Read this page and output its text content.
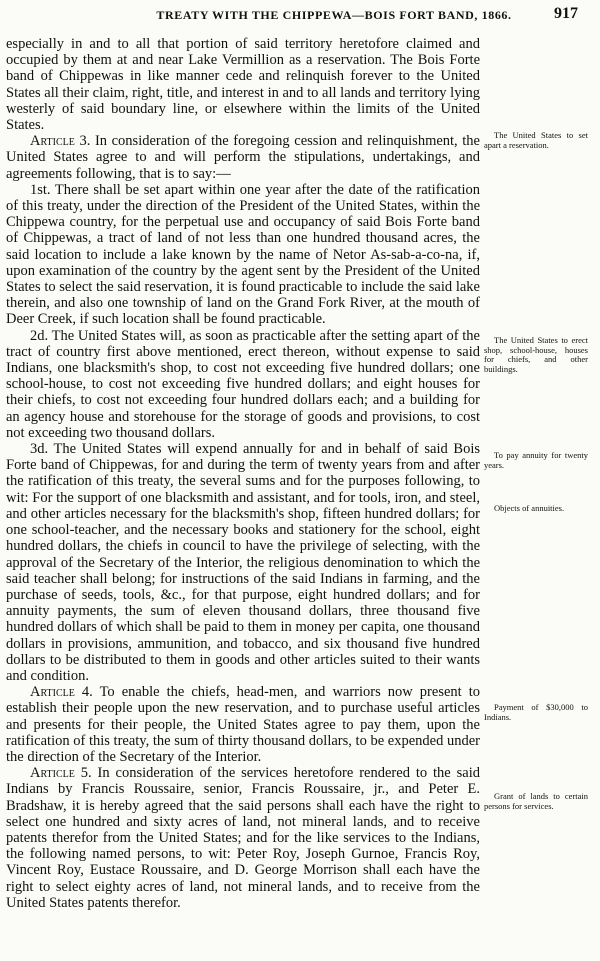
TREATY WITH THE CHIPPEWA—BOIS FORT BAND, 1866.	917

especially in and to all that portion of said territory heretofore claimed and occupied by them at and near Lake Vermillion as a reservation. The Bois Forte band of Chippewas in like manner cede and relinquish forever to the United States all their claim, right, title, and interest in and to all lands and territory lying westerly of said boundary line, or elsewhere within the limits of the United States.

Article 3. In consideration of the foregoing cession and relinquishment, the United States agree to and will perform the stipulations, undertakings, and agreements following, that is to say:—

1st. There shall be set apart within one year after the date of the ratification of this treaty, under the direction of the President of the United States, within the Chippewa country, for the perpetual use and occupancy of said Bois Forte band of Chippewas, a tract of land of not less than one hundred thousand acres, the said location to include a lake known by the name of Netor As-sab-a-co-na, if, upon examination of the country by the agent sent by the President of the United States to select the said reservation, it is found practicable to include the said lake therein, and also one township of land on the Grand Fork River, at the mouth of Deer Creek, if such location shall be found practicable.

2d. The United States will, as soon as practicable after the setting apart of the tract of country first above mentioned, erect thereon, without expense to said Indians, one blacksmith's shop, to cost not exceeding five hundred dollars; one school-house, to cost not exceeding five hundred dollars; and eight houses for their chiefs, to cost not exceeding four hundred dollars each; and a building for an agency house and storehouse for the storage of goods and provisions, to cost not exceeding two thousand dollars.

3d. The United States will expend annually for and in behalf of said Bois Forte band of Chippewas, for and during the term of twenty years from and after the ratification of this treaty, the several sums and for the purposes following, to wit: For the support of one blacksmith and assistant, and for tools, iron, and steel, and other articles necessary for the blacksmith's shop, fifteen hundred dollars; for one school-teacher, and the necessary books and stationery for the school, eight hundred dollars, the chiefs in council to have the privilege of selecting, with the approval of the Secretary of the Interior, the religious denomination to which the said teacher shall belong; for instructions of the said Indians in farming, and the purchase of seeds, tools, &c., for that purpose, eight hundred dollars; and for annuity payments, the sum of eleven thousand dollars, three thousand five hundred dollars of which shall be paid to them in money per capita, one thousand dollars in provisions, ammunition, and tobacco, and six thousand five hundred dollars to be distributed to them in goods and other articles suited to their wants and condition.

Article 4. To enable the chiefs, head-men, and warriors now present to establish their people upon the new reservation, and to purchase useful articles and presents for their people, the United States agree to pay them, upon the ratification of this treaty, the sum of thirty thousand dollars, to be expended under the direction of the Secretary of the Interior.

Article 5. In consideration of the services heretofore rendered to the said Indians by Francis Roussaire, senior, Francis Roussaire, jr., and Peter E. Bradshaw, it is hereby agreed that the said persons shall each have the right to select one hundred and sixty acres of land, not mineral lands, and to receive patents therefor from the United States; and for the like services to the Indians, the following named persons, to wit: Peter Roy, Joseph Gurnoe, Francis Roy, Vincent Roy, Eustace Roussaire, and D. George Morrison shall each have the right to select eighty acres of land, not mineral lands, and to receive from the United States patents therefor.

The United States to set apart a reservation.
The United States to erect shop, school-house, houses for chiefs, and other buildings.
To pay annuity for twenty years.
Objects of annuities.
Payment of $30,000 to Indians.
Grant of lands to certain persons for services.
